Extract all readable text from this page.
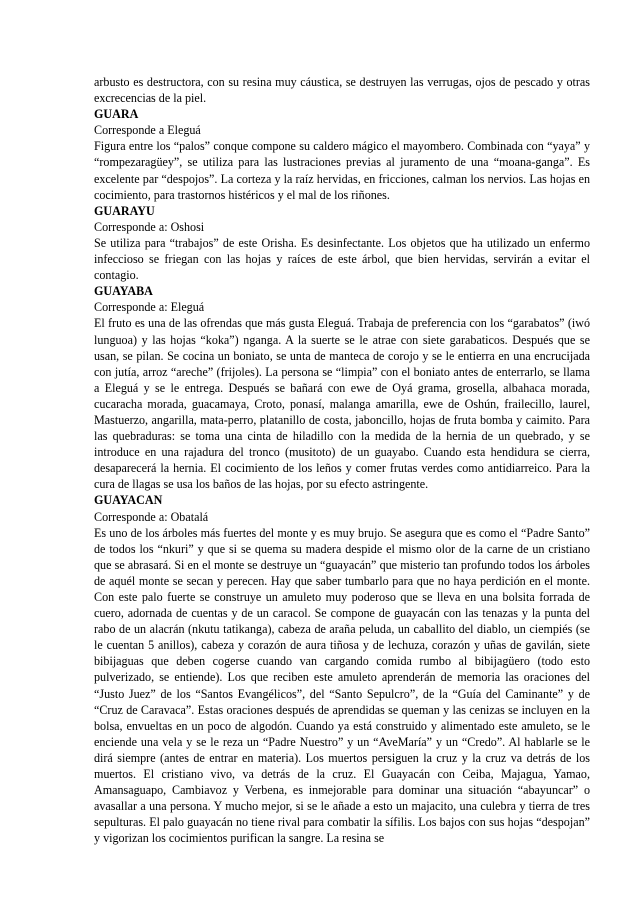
arbusto es destructora, con su resina muy cáustica, se destruyen las verrugas, ojos de pescado y otras excrecencias de la piel.

GUARA

Corresponde a Eleguá

Figura entre los “palos” conque compone su caldero mágico el mayombero. Combinada con “yaya” y “rompezaragüey”, se utiliza para las lustraciones previas al juramento de una “moana-ganga”. Es excelente par “despojos”. La corteza y la raíz hervidas, en fricciones, calman los nervios. Las hojas en cocimiento, para trastornos histéricos y el mal de los riñones.

GUARAYU

Corresponde a: Oshosi

Se utiliza para “trabajos” de este Orisha. Es desinfectante. Los objetos que ha utilizado un enfermo infeccioso se friegan con las hojas y raíces de este árbol, que bien hervidas, servirán a evitar el contagio.

GUAYABA

Corresponde a: Eleguá

El fruto es una de las ofrendas que más gusta Eleguá. Trabaja de preferencia con los “garabatos” (iwó lunguoa) y las hojas “koka”) nganga. A la suerte se le atrae con siete garabaticos. Después que se usan, se pilan. Se cocina un boniato, se unta de manteca de corojo y se le entierra en una encrucijada con jutía, arroz “areche” (frijoles). La persona se “limpia” con el boniato antes de enterrarlo, se llama a Eleguá y se le entrega. Después se bañará con ewe de Oyá grama, grosella, albahaca morada, cucaracha morada, guacamaya, Croto, ponasí, malanga amarilla, ewe de Oshún, frailecillo, laurel, Mastuerzo, angarilla, mata-perro, platanillo de costa, jaboncillo, hojas de fruta bomba y caimito. Para las quebraduras: se toma una cinta de hiladillo con la medida de la hernia de un quebrado, y se introduce en una rajadura del tronco (musitoto) de un guayabo. Cuando esta hendidura se cierra, desaparecerá la hernia. El cocimiento de los leños y comer frutas verdes como antidiarreico. Para la cura de llagas se usa los baños de las hojas, por su efecto astringente.

GUAYACAN

Corresponde a: Obatalá

Es uno de los árboles más fuertes del monte y es muy brujo. Se asegura que es como el “Padre Santo” de todos los “nkuri” y que si se quema su madera despide el mismo olor de la carne de un cristiano que se abrasará. Si en el monte se destruye un “guayacán” que misterio tan profundo todos los árboles de aquél monte se secan y perecen. Hay que saber tumbarlo para que no haya perdición en el monte. Con este palo fuerte se construye un amuleto muy poderoso que se lleva en una bolsita forrada de cuero, adornada de cuentas y de un caracol. Se compone de guayacán con las tenazas y la punta del rabo de un alacrán (nkutu tatikanga), cabeza de araña peluda, un caballito del diablo, un ciempiés (se le cuentan 5 anillos), cabeza y corazón de aura tiñosa y de lechuza, corazón y uñas de gavilán, siete bibijaguas que deben cogerse cuando van cargando comida rumbo al bibijagüero (todo esto pulverizado, se entiende). Los que reciben este amuleto aprenderán de memoria las oraciones del “Justo Juez” de los “Santos Evangélicos”, del “Santo Sepulcro”, de la “Guía del Caminante” y de “Cruz de Caravaca”. Estas oraciones después de aprendidas se queman y las cenizas se incluyen en la bolsa, envueltas en un poco de algodón. Cuando ya está construido y alimentado este amuleto, se le enciende una vela y se le reza un “Padre Nuestro” y un “AveMaría” y un “Credo”. Al hablarle se le dirá siempre (antes de entrar en materia). Los muertos persiguen la cruz y la cruz va detrás de los muertos. El cristiano vivo, va detrás de la cruz. El Guayacán con Ceiba, Majagua, Yamao, Amansaguapo, Cambiavoz y Verbena, es inmejorable para dominar una situación “abayuncar” o avasallar a una persona. Y mucho mejor, si se le añade a esto un majacito, una culebra y tierra de tres sepulturas. El palo guayacán no tiene rival para combatir la sífilis. Los bajos con sus hojas “despojan” y vigorizan los cocimientos purifican la sangre. La resina se
